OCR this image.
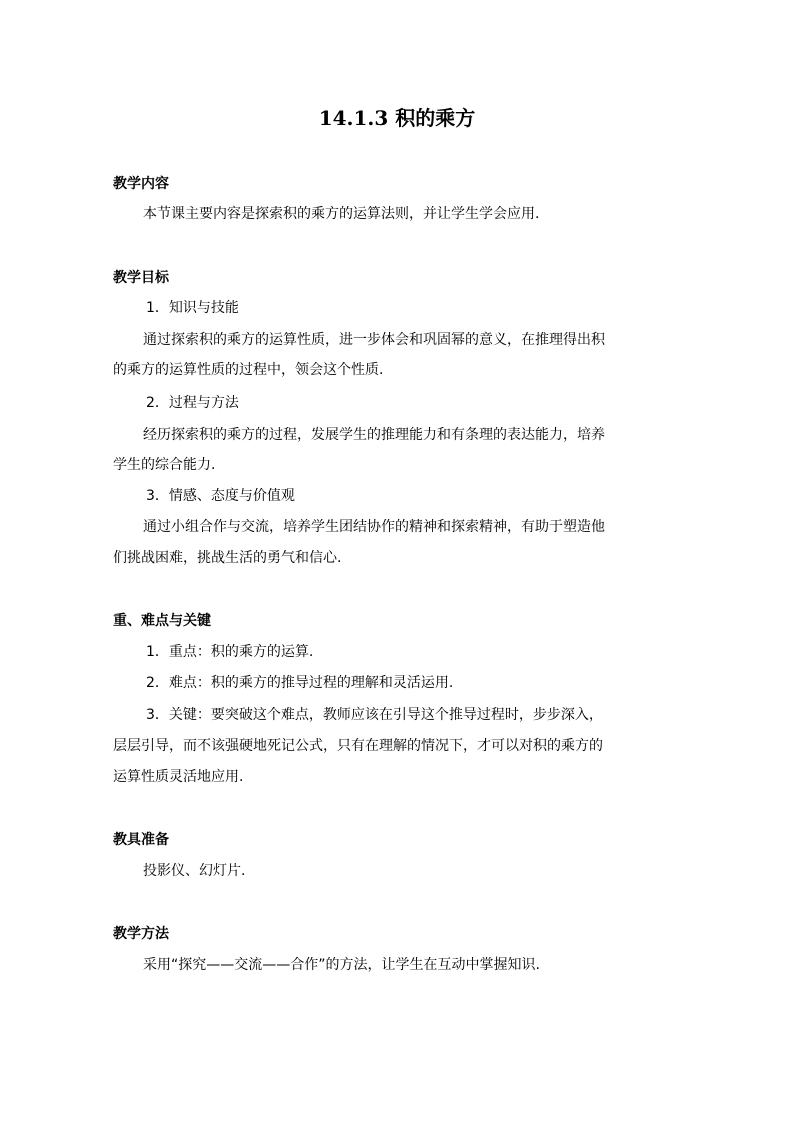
14.1.3 积的乘方
教学内容
本节课主要内容是探索积的乘方的运算法则，并让学生学会应用.
教学目标
1．知识与技能
通过探索积的乘方的运算性质，进一步体会和巩固幂的意义，在推理得出积
的乘方的运算性质的过程中，领会这个性质.
2．过程与方法
经历探索积的乘方的过程，发展学生的推理能力和有条理的表达能力，培养
学生的综合能力.
3．情感、态度与价值观
通过小组合作与交流，培养学生团结协作的精神和探索精神，有助于塑造他
们挑战困难，挑战生活的勇气和信心.
重、难点与关键
1．重点：积的乘方的运算.
2．难点：积的乘方的推导过程的理解和灵活运用.
3．关键：要突破这个难点，教师应该在引导这个推导过程时，步步深入，
层层引导，而不该强硬地死记公式，只有在理解的情况下，才可以对积的乘方的
运算性质灵活地应用.
教具准备
投影仪、幻灯片.
教学方法
采用“探究——交流——合作”的方法，让学生在互动中掌握知识.
